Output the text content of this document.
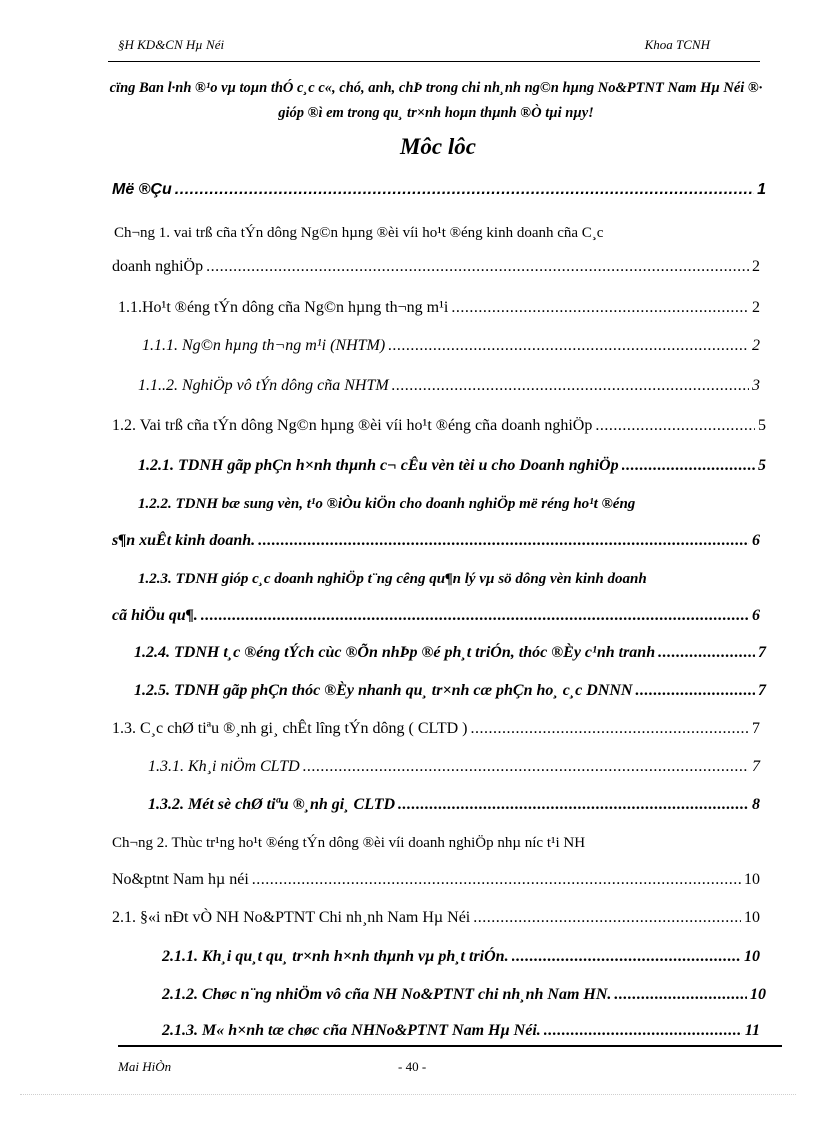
§H KD&CN Hµ Néi	Khoa TCNH
cïng Ban l·nh ®¹o vµ toµn thÓ c¸c c«, chó, anh, chÞ trong chi nh¸nh ng©n hµng No&PTNT Nam Hµ Néi ®· gióp ®ì em trong qu¸ tr×nh hoµn thµnh ®Ò tµi nµy!
Môc lôc
Më ®Çu .....	1
Ch¬ng 1. vai trß cña tÝn dông Ng©n hµng ®èi víi ho¹t ®éng kinh doanh cña C¸c
doanh nghiÖp .....	2
1.1.Ho¹t ®éng tÝn dông cña Ng©n hµng th¬ng m¹i .....	2
1.1.1. Ng©n hµng th¬ng m¹i (NHTM) .....	2
1.1..2. NghiÖp vô tÝn dông cña NHTM .....	3
1.2. Vai trß cña tÝn dông Ng©n hµng ®èi víi ho¹t ®éng cña doanh nghiÖp .....	5
1.2.1. TDNH gãp phÇn h×nh thµnh c¬ cÊu vèn tèi u cho Doanh nghiÖp .....	5
1.2.2. TDNH bæ sung vèn, t¹o ®iÒu kiÖn cho doanh nghiÖp më réng ho¹t ®éng
s¶n xuÊt kinh doanh. .....	6
1.2.3. TDNH gióp c¸c doanh nghiÖp t¨ng cêng qu¶n lý vµ sö dông vèn kinh doanh
cã hiÖu qu¶. .....	6
1.2.4. TDNH t¸c ®éng tÝch cùc ®Õn nhÞp ®é ph¸t triÓn, thóc ®Èy c¹nh tranh .....	7
1.2.5. TDNH gãp phÇn thóc ®Èy nhanh qu¸ tr×nh cæ phÇn ho¸ c¸c DNNN .....	7
1.3. C¸c chØ tiªu ®¸nh gi¸ chÊt lîng tÝn dông ( CLTD ) .....	7
1.3.1. Kh¸i niÖm CLTD .....	7
1.3.2. Mét sè chØ tiªu ®¸nh gi¸ CLTD .....	8
Ch¬ng 2. Thùc tr¹ng ho¹t ®éng tÝn dông ®èi víi doanh nghiÖp nhµ níc t¹i NH
No&ptnt Nam hµ néi .....	10
2.1. §«i nÐt vÒ NH No&PTNT Chi nh¸nh Nam Hµ Néi .....	10
2.1.1. Kh¸i qu¸t qu¸ tr×nh h×nh thµnh vµ ph¸t triÓn. .....	10
2.1.2. Chøc n¨ng nhiÖm vô cña NH No&PTNT chi nh¸nh Nam HN. .....	10
2.1.3. M« h×nh tæ chøc cña NHNo&PTNT Nam Hµ Néi. .....	11
Mai HiÒn	- 40 -
